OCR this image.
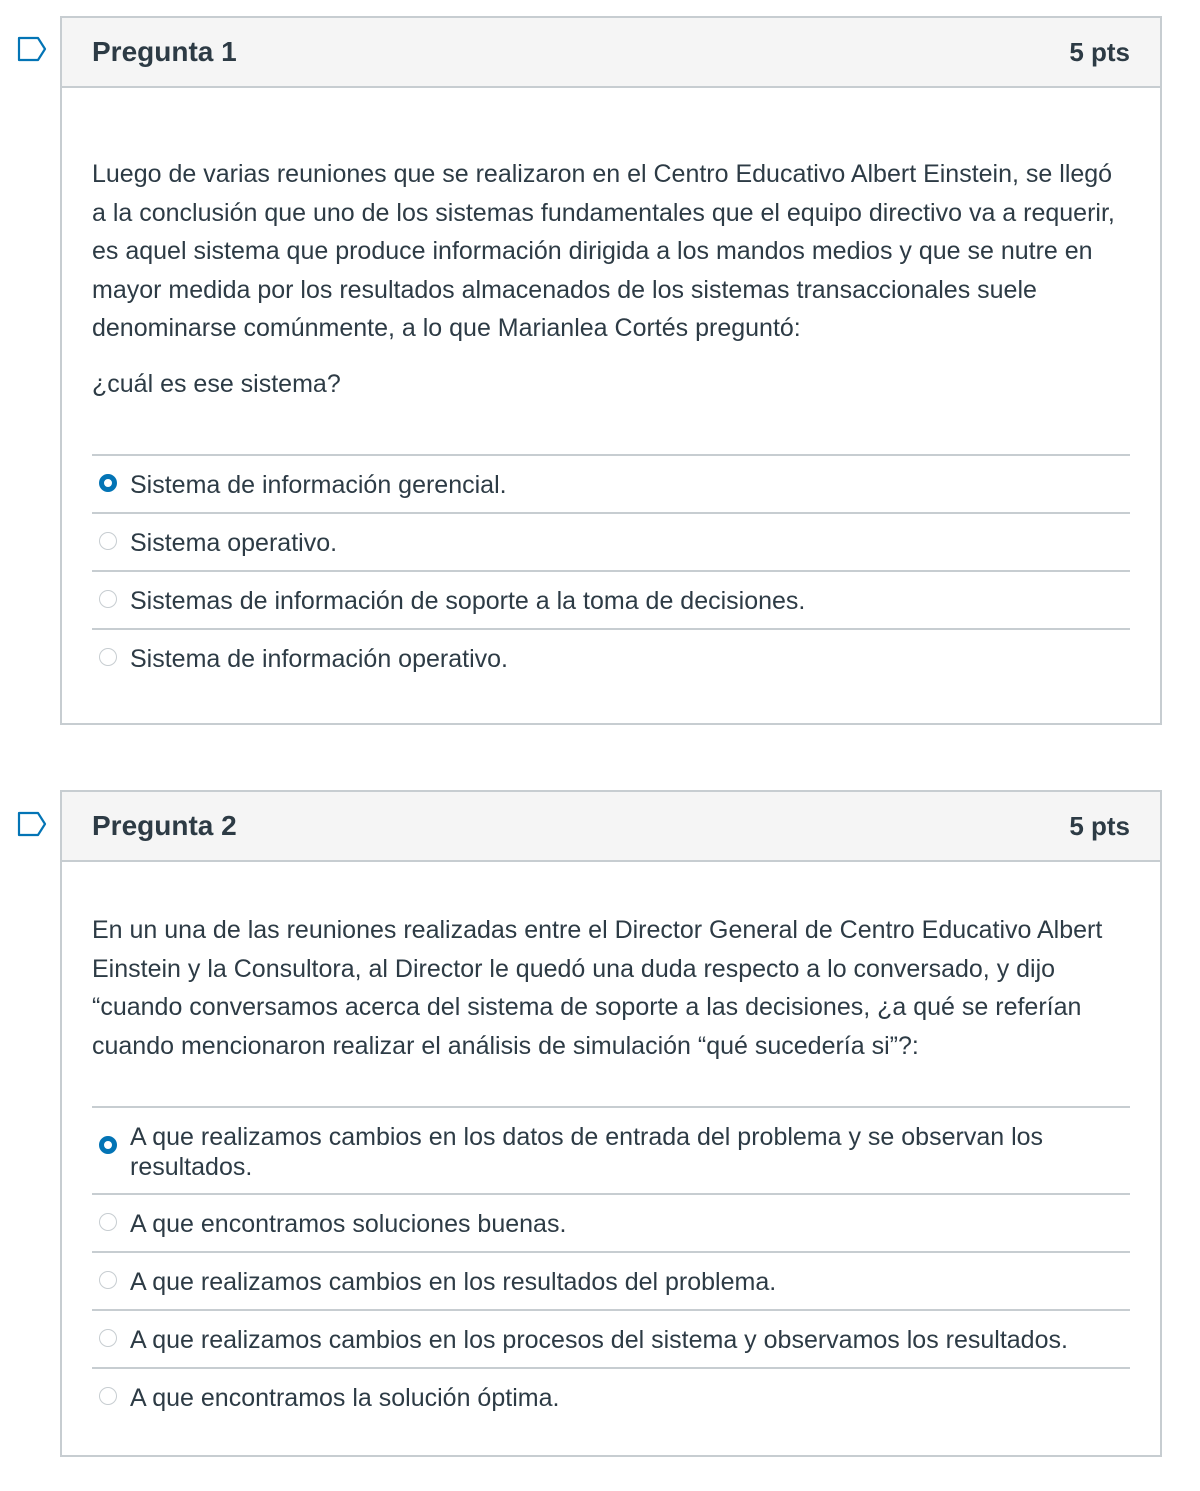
Pregunta 1	5 pts

Luego de varias reuniones que se realizaron en el Centro Educativo Albert Einstein, se llegó a la conclusión que uno de los sistemas fundamentales que el equipo directivo va a requerir, es aquel sistema que produce información dirigida a los mandos medios y que se nutre en mayor medida por los resultados almacenados de los sistemas transaccionales suele denominarse comúnmente, a lo que Marianlea Cortés preguntó:

¿cuál es ese sistema?

Sistema de información gerencial.
Sistema operativo.
Sistemas de información de soporte a la toma de decisiones.
Sistema de información operativo.
Pregunta 2	5 pts

En un una de las reuniones realizadas entre el Director General de Centro Educativo Albert Einstein y la Consultora, al Director le quedó una duda respecto a lo conversado, y dijo “cuando conversamos acerca del sistema de soporte a las decisiones, ¿a qué se referían cuando mencionaron realizar el análisis de simulación “qué sucedería si”?:

A que realizamos cambios en los datos de entrada del problema y se observan los resultados.
A que encontramos soluciones buenas.
A que realizamos cambios en los resultados del problema.
A que realizamos cambios en los procesos del sistema y observamos los resultados.
A que encontramos la solución óptima.
